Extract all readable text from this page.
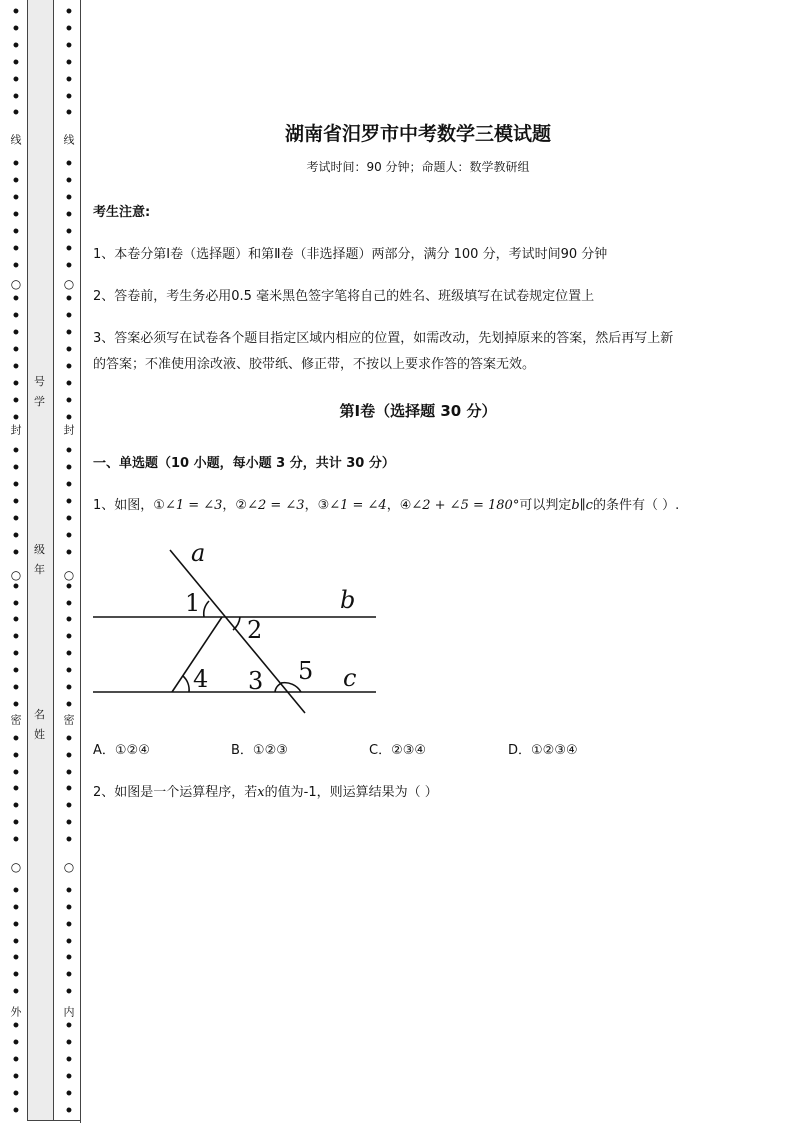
•
•
•
•
•
•
•
•
•
•
•
•
•
•
•
•
•
•
•
•
•
•
•
•
•
•
•
•
•
•
•
•
•
•
•
•
•
•
•
•
•
•
•
•
•
•
•
•
•
•
•
•
•
•
•
•
•
线
封
密
外
○
○
○
•
•
•
•
•
•
•
•
•
•
•
•
•
•
•
•
•
•
•
•
•
•
•
•
•
•
•
•
•
•
•
•
•
•
•
•
•
•
•
•
•
•
•
•
•
•
•
•
•
•
•
•
•
•
•
•
•
线
封
密
内
○
○
○
号
学
级
年
名
姓
湖南省汨罗市中考数学三模试题
考试时间：90 分钟；命题人：数学教研组
考生注意:
1、本卷分第Ⅰ卷（选择题）和第Ⅱ卷（非选择题）两部分，满分 100 分，考试时间90 分钟
2、答卷前，考生务必用0.5 毫米黑色签字笔将自己的姓名、班级填写在试卷规定位置上
3、答案必须写在试卷各个题目指定区域内相应的位置，如需改动，先划掉原来的答案，然后再写上新
的答案；不准使用涂改液、胶带纸、修正带，不按以上要求作答的答案无效。
第Ⅰ卷（选择题 30 分）
一、单选题（10 小题，每小题 3 分，共计 30 分）
1、如图，①∠1 = ∠3，②∠2 = ∠3，③∠1 = ∠4，④∠2 + ∠5 = 180°可以判定b∥c的条件有（ ）.
a
b
c
1
2
3
4	5
A．①②④	B．①②③	C．②③④	D．①②③④
2、如图是一个运算程序，若x的值为-1，则运算结果为（ ）
